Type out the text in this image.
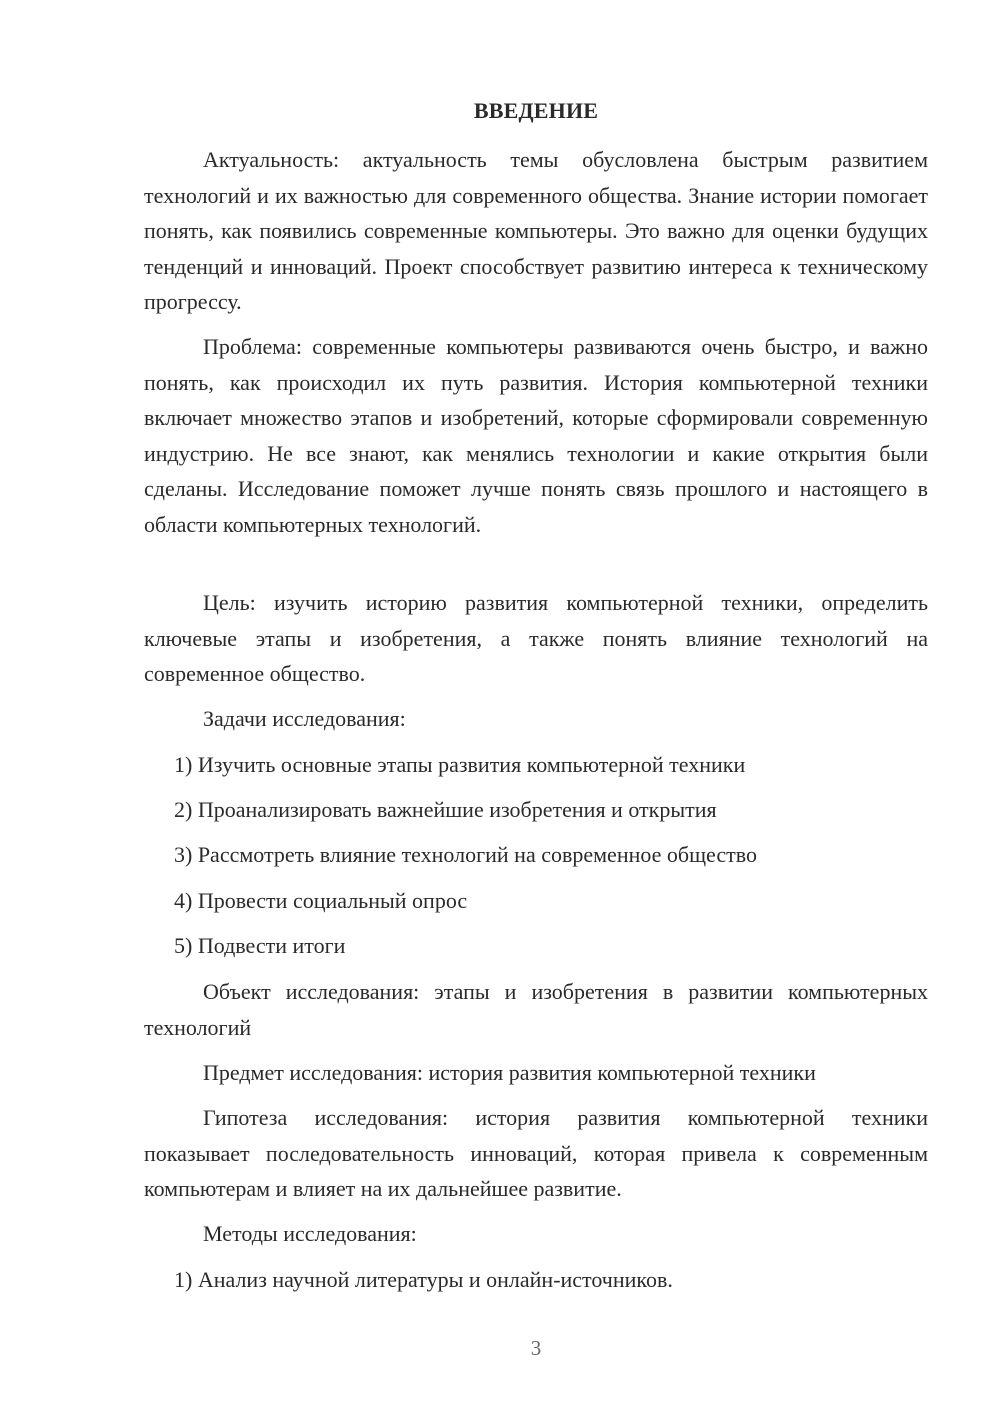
ВВЕДЕНИЕ

Актуальность: актуальность темы обусловлена быстрым развитием технологий и их важностью для современного общества. Знание истории помогает понять, как появились современные компьютеры. Это важно для оценки будущих тенденций и инноваций. Проект способствует развитию интереса к техническому прогрессу.

Проблема: современные компьютеры развиваются очень быстро, и важно понять, как происходил их путь развития. История компьютерной техники включает множество этапов и изобретений, которые сформировали современную индустрию. Не все знают, как менялись технологии и какие открытия были сделаны. Исследование поможет лучше понять связь прошлого и настоящего в области компьютерных технологий.

Цель: изучить историю развития компьютерной техники, определить ключевые этапы и изобретения, а также понять влияние технологий на современное общество.

Задачи исследования:
1) Изучить основные этапы развития компьютерной техники
2) Проанализировать важнейшие изобретения и открытия
3) Рассмотреть влияние технологий на современное общество
4) Провести социальный опрос
5) Подвести итоги

Объект исследования: этапы и изобретения в развитии компьютерных технологий

Предмет исследования: история развития компьютерной техники

Гипотеза исследования: история развития компьютерной техники показывает последовательность инноваций, которая привела к современным компьютерам и влияет на их дальнейшее развитие.

Методы исследования:
1) Анализ научной литературы и онлайн-источников.
3
